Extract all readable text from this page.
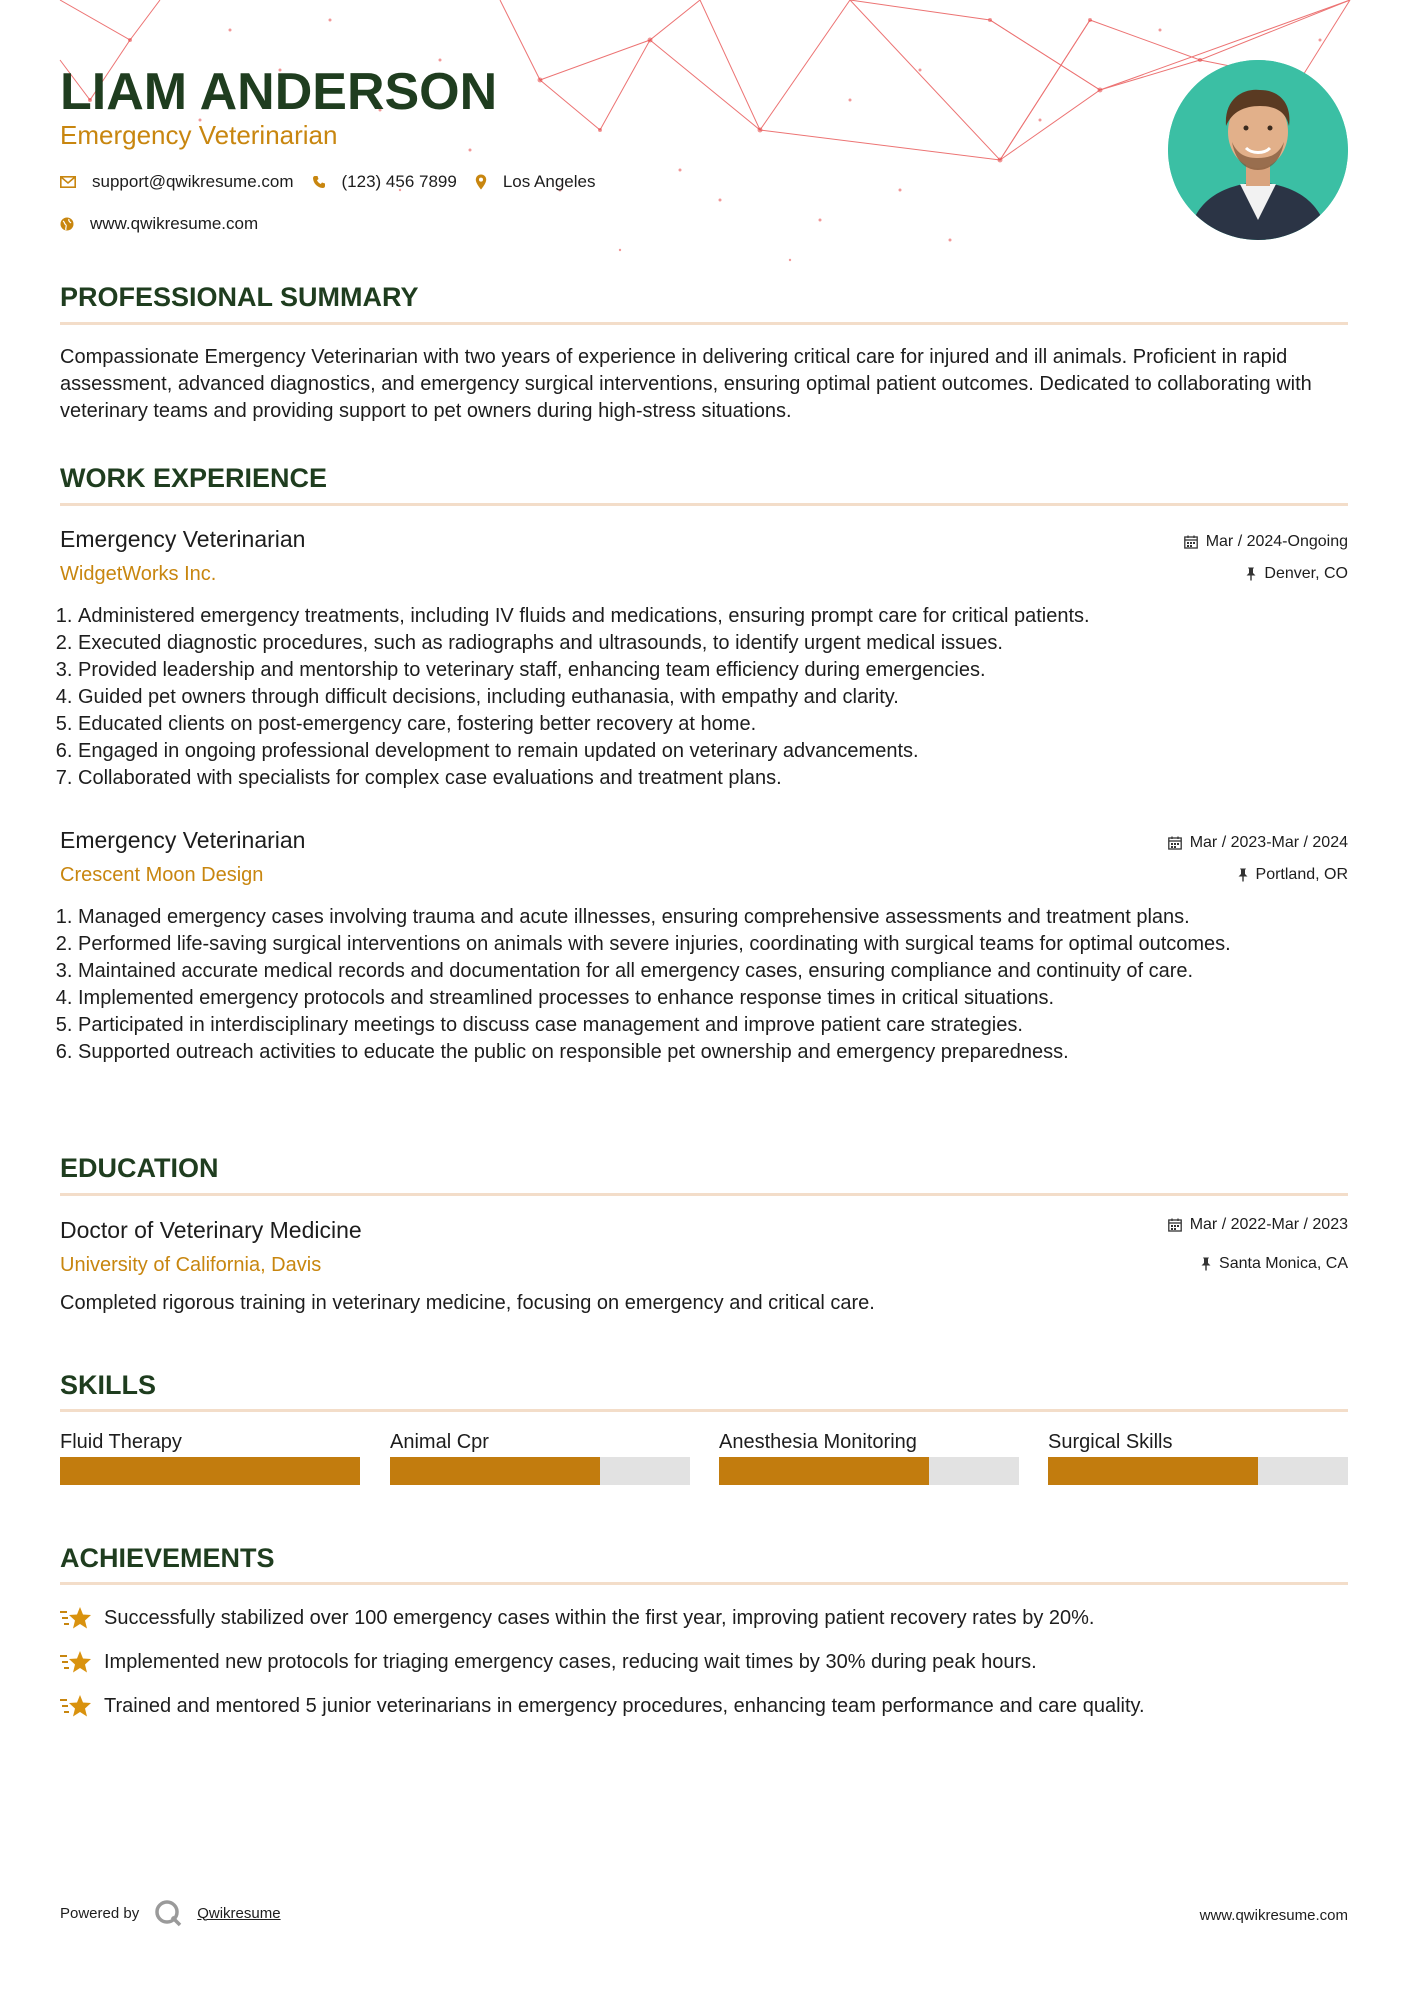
LIAM ANDERSON
Emergency Veterinarian
support@qwikresume.com	(123) 456 7899	Los Angeles
www.qwikresume.com
PROFESSIONAL SUMMARY
Compassionate Emergency Veterinarian with two years of experience in delivering critical care for injured and ill animals. Proficient in rapid assessment, advanced diagnostics, and emergency surgical interventions, ensuring optimal patient outcomes. Dedicated to collaborating with veterinary teams and providing support to pet owners during high-stress situations.
WORK EXPERIENCE
Emergency Veterinarian
WidgetWorks Inc.
Mar / 2024-Ongoing
Denver, CO
1. Administered emergency treatments, including IV fluids and medications, ensuring prompt care for critical patients.
2. Executed diagnostic procedures, such as radiographs and ultrasounds, to identify urgent medical issues.
3. Provided leadership and mentorship to veterinary staff, enhancing team efficiency during emergencies.
4. Guided pet owners through difficult decisions, including euthanasia, with empathy and clarity.
5. Educated clients on post-emergency care, fostering better recovery at home.
6. Engaged in ongoing professional development to remain updated on veterinary advancements.
7. Collaborated with specialists for complex case evaluations and treatment plans.
Emergency Veterinarian
Crescent Moon Design
Mar / 2023-Mar / 2024
Portland, OR
1. Managed emergency cases involving trauma and acute illnesses, ensuring comprehensive assessments and treatment plans.
2. Performed life-saving surgical interventions on animals with severe injuries, coordinating with surgical teams for optimal outcomes.
3. Maintained accurate medical records and documentation for all emergency cases, ensuring compliance and continuity of care.
4. Implemented emergency protocols and streamlined processes to enhance response times in critical situations.
5. Participated in interdisciplinary meetings to discuss case management and improve patient care strategies.
6. Supported outreach activities to educate the public on responsible pet ownership and emergency preparedness.
EDUCATION
Doctor of Veterinary Medicine
University of California, Davis
Mar / 2022-Mar / 2023
Santa Monica, CA
Completed rigorous training in veterinary medicine, focusing on emergency and critical care.
SKILLS
Fluid Therapy	Animal Cpr	Anesthesia Monitoring	Surgical Skills
ACHIEVEMENTS
Successfully stabilized over 100 emergency cases within the first year, improving patient recovery rates by 20%.
Implemented new protocols for triaging emergency cases, reducing wait times by 30% during peak hours.
Trained and mentored 5 junior veterinarians in emergency procedures, enhancing team performance and care quality.
Powered by	Qwikresume	www.qwikresume.com
